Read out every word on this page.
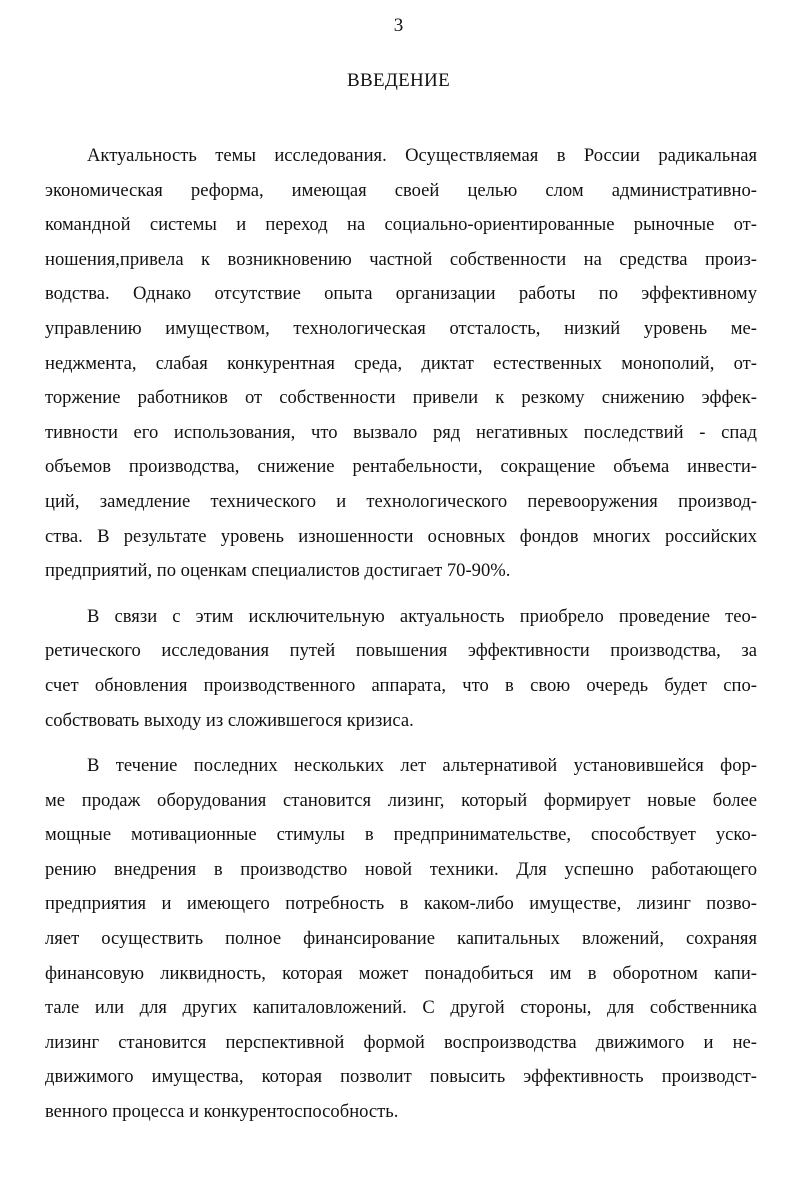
3
ВВЕДЕНИЕ
Актуальность темы исследования. Осуществляемая в России радикальная
экономическая реформа, имеющая своей целью слом административно-
командной системы и переход на социально-ориентированные рыночные от-
ношения,привела к возникновению частной собственности на средства произ-
водства. Однако отсутствие опыта организации работы по эффективному
управлению имуществом, технологическая отсталость, низкий уровень ме-
неджмента, слабая конкурентная среда, диктат естественных монополий, от-
торжение работников от собственности привели к резкому снижению эффек-
тивности его использования, что вызвало ряд негативных последствий - спад
объемов производства, снижение рентабельности, сокращение объема инвести-
ций, замедление технического и технологического перевооружения производ-
ства. В результате уровень изношенности основных фондов многих российских
предприятий, по оценкам специалистов достигает 70-90%.
В связи с этим исключительную актуальность приобрело проведение тео-
ретического исследования путей повышения эффективности производства, за
счет обновления производственного аппарата, что в свою очередь будет спо-
собствовать выходу из сложившегося кризиса.
В течение последних нескольких лет альтернативой установившейся фор-
ме продаж оборудования становится лизинг, который формирует новые более
мощные мотивационные стимулы в предпринимательстве, способствует уско-
рению внедрения в производство новой техники. Для успешно работающего
предприятия и имеющего потребность в каком-либо имуществе, лизинг позво-
ляет осуществить полное финансирование капитальных вложений, сохраняя
финансовую ликвидность, которая может понадобиться им в оборотном капи-
тале или для других капиталовложений. С другой стороны, для собственника
лизинг становится перспективной формой воспроизводства движимого и не-
движимого имущества, которая позволит повысить эффективность производст-
венного процесса и конкурентоспособность.
